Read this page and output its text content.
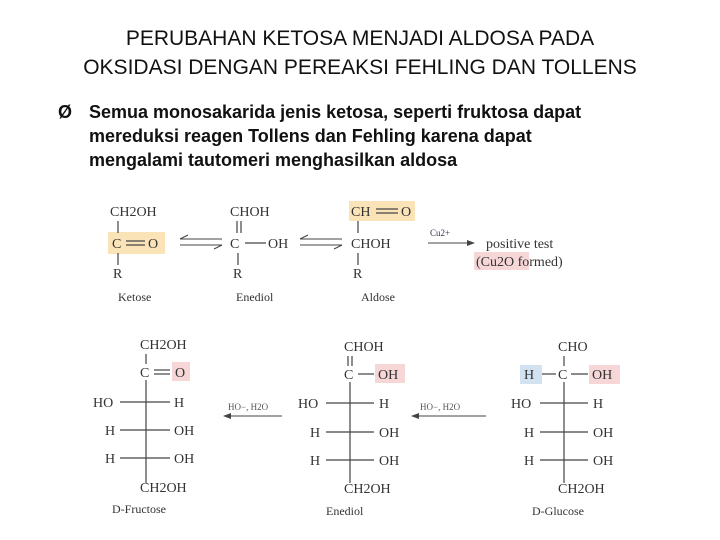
PERUBAHAN KETOSA MENJADI ALDOSA PADA
OKSIDASI DENGAN PEREAKSI FEHLING DAN TOLLENS
Ø Semua monosakarida jenis ketosa, seperti fruktosa dapat
mereduksi reagen Tollens dan Fehling karena dapat
mengalami tautomeri menghasilkan aldosa
CH2OH
C O
R
Ketose
CHOH
C OH
R
Enediol
CH O
CHOH
R
Aldose
Cu2+
positive test
(Cu2O formed)
CH2OH
C O
HO	H
H	OH
H	OH
CH2OH
D-Fructose
HO−, H2O
CHOH
C OH
HO	H
H	OH
H	OH
CH2OH
Enediol
HO−, H2O
CHO
H C OH
HO	H
H	OH
H	OH
CH2OH
D-Glucose
